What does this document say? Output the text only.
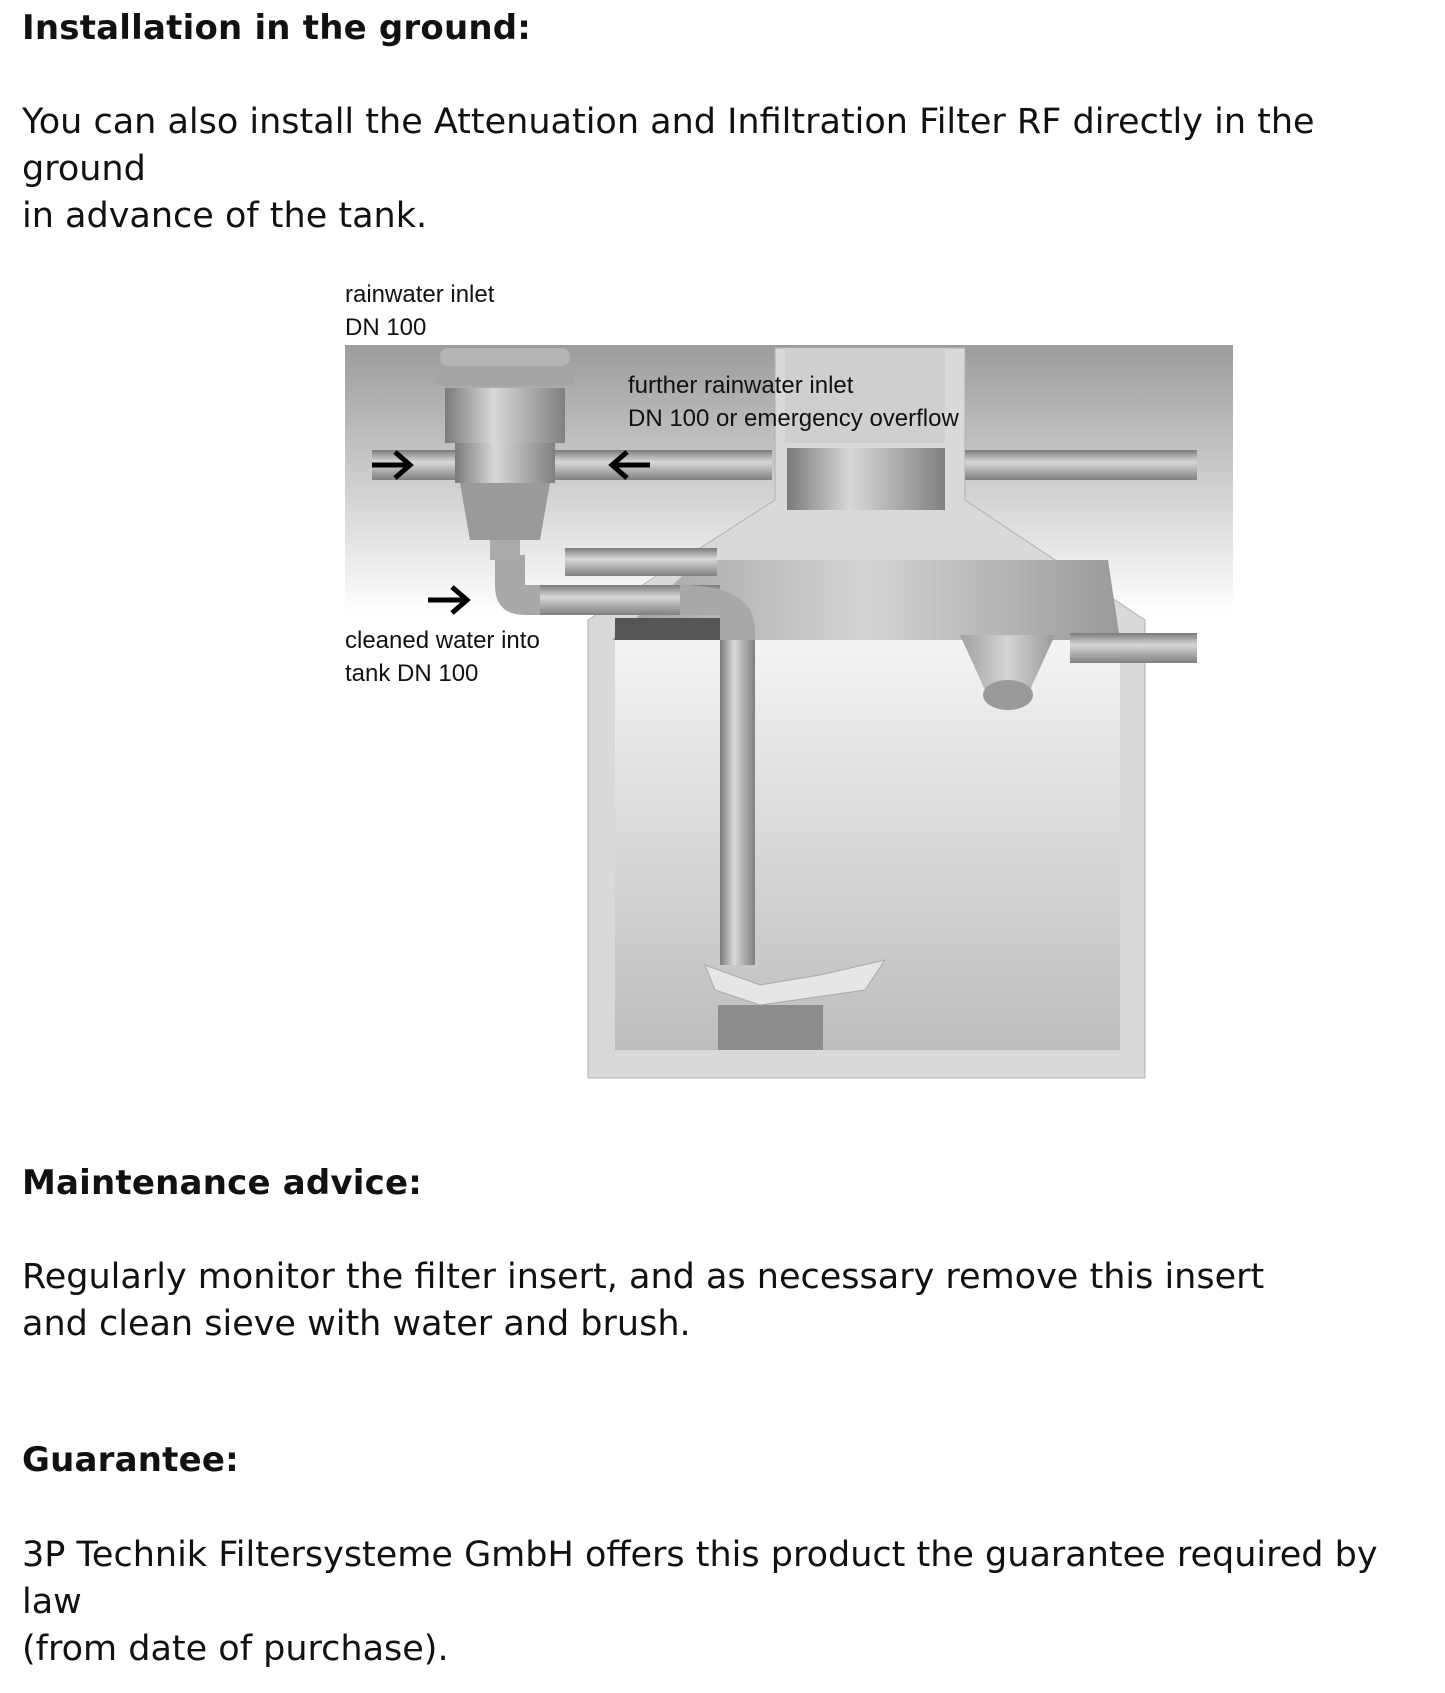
Installation in the ground:

You can also install the Attenuation and Infiltration Filter RF directly in the ground
in advance of the tank.

rainwater inlet
DN 100
further rainwater inlet
DN 100 or emergency overflow
cleaned water into
tank DN 100
Maintenance advice:

Regularly monitor the filter insert, and as necessary remove this insert
and clean sieve with water and brush.

Guarantee:

3P Technik Filtersysteme GmbH offers this product the guarantee required by law
(from date of purchase).
